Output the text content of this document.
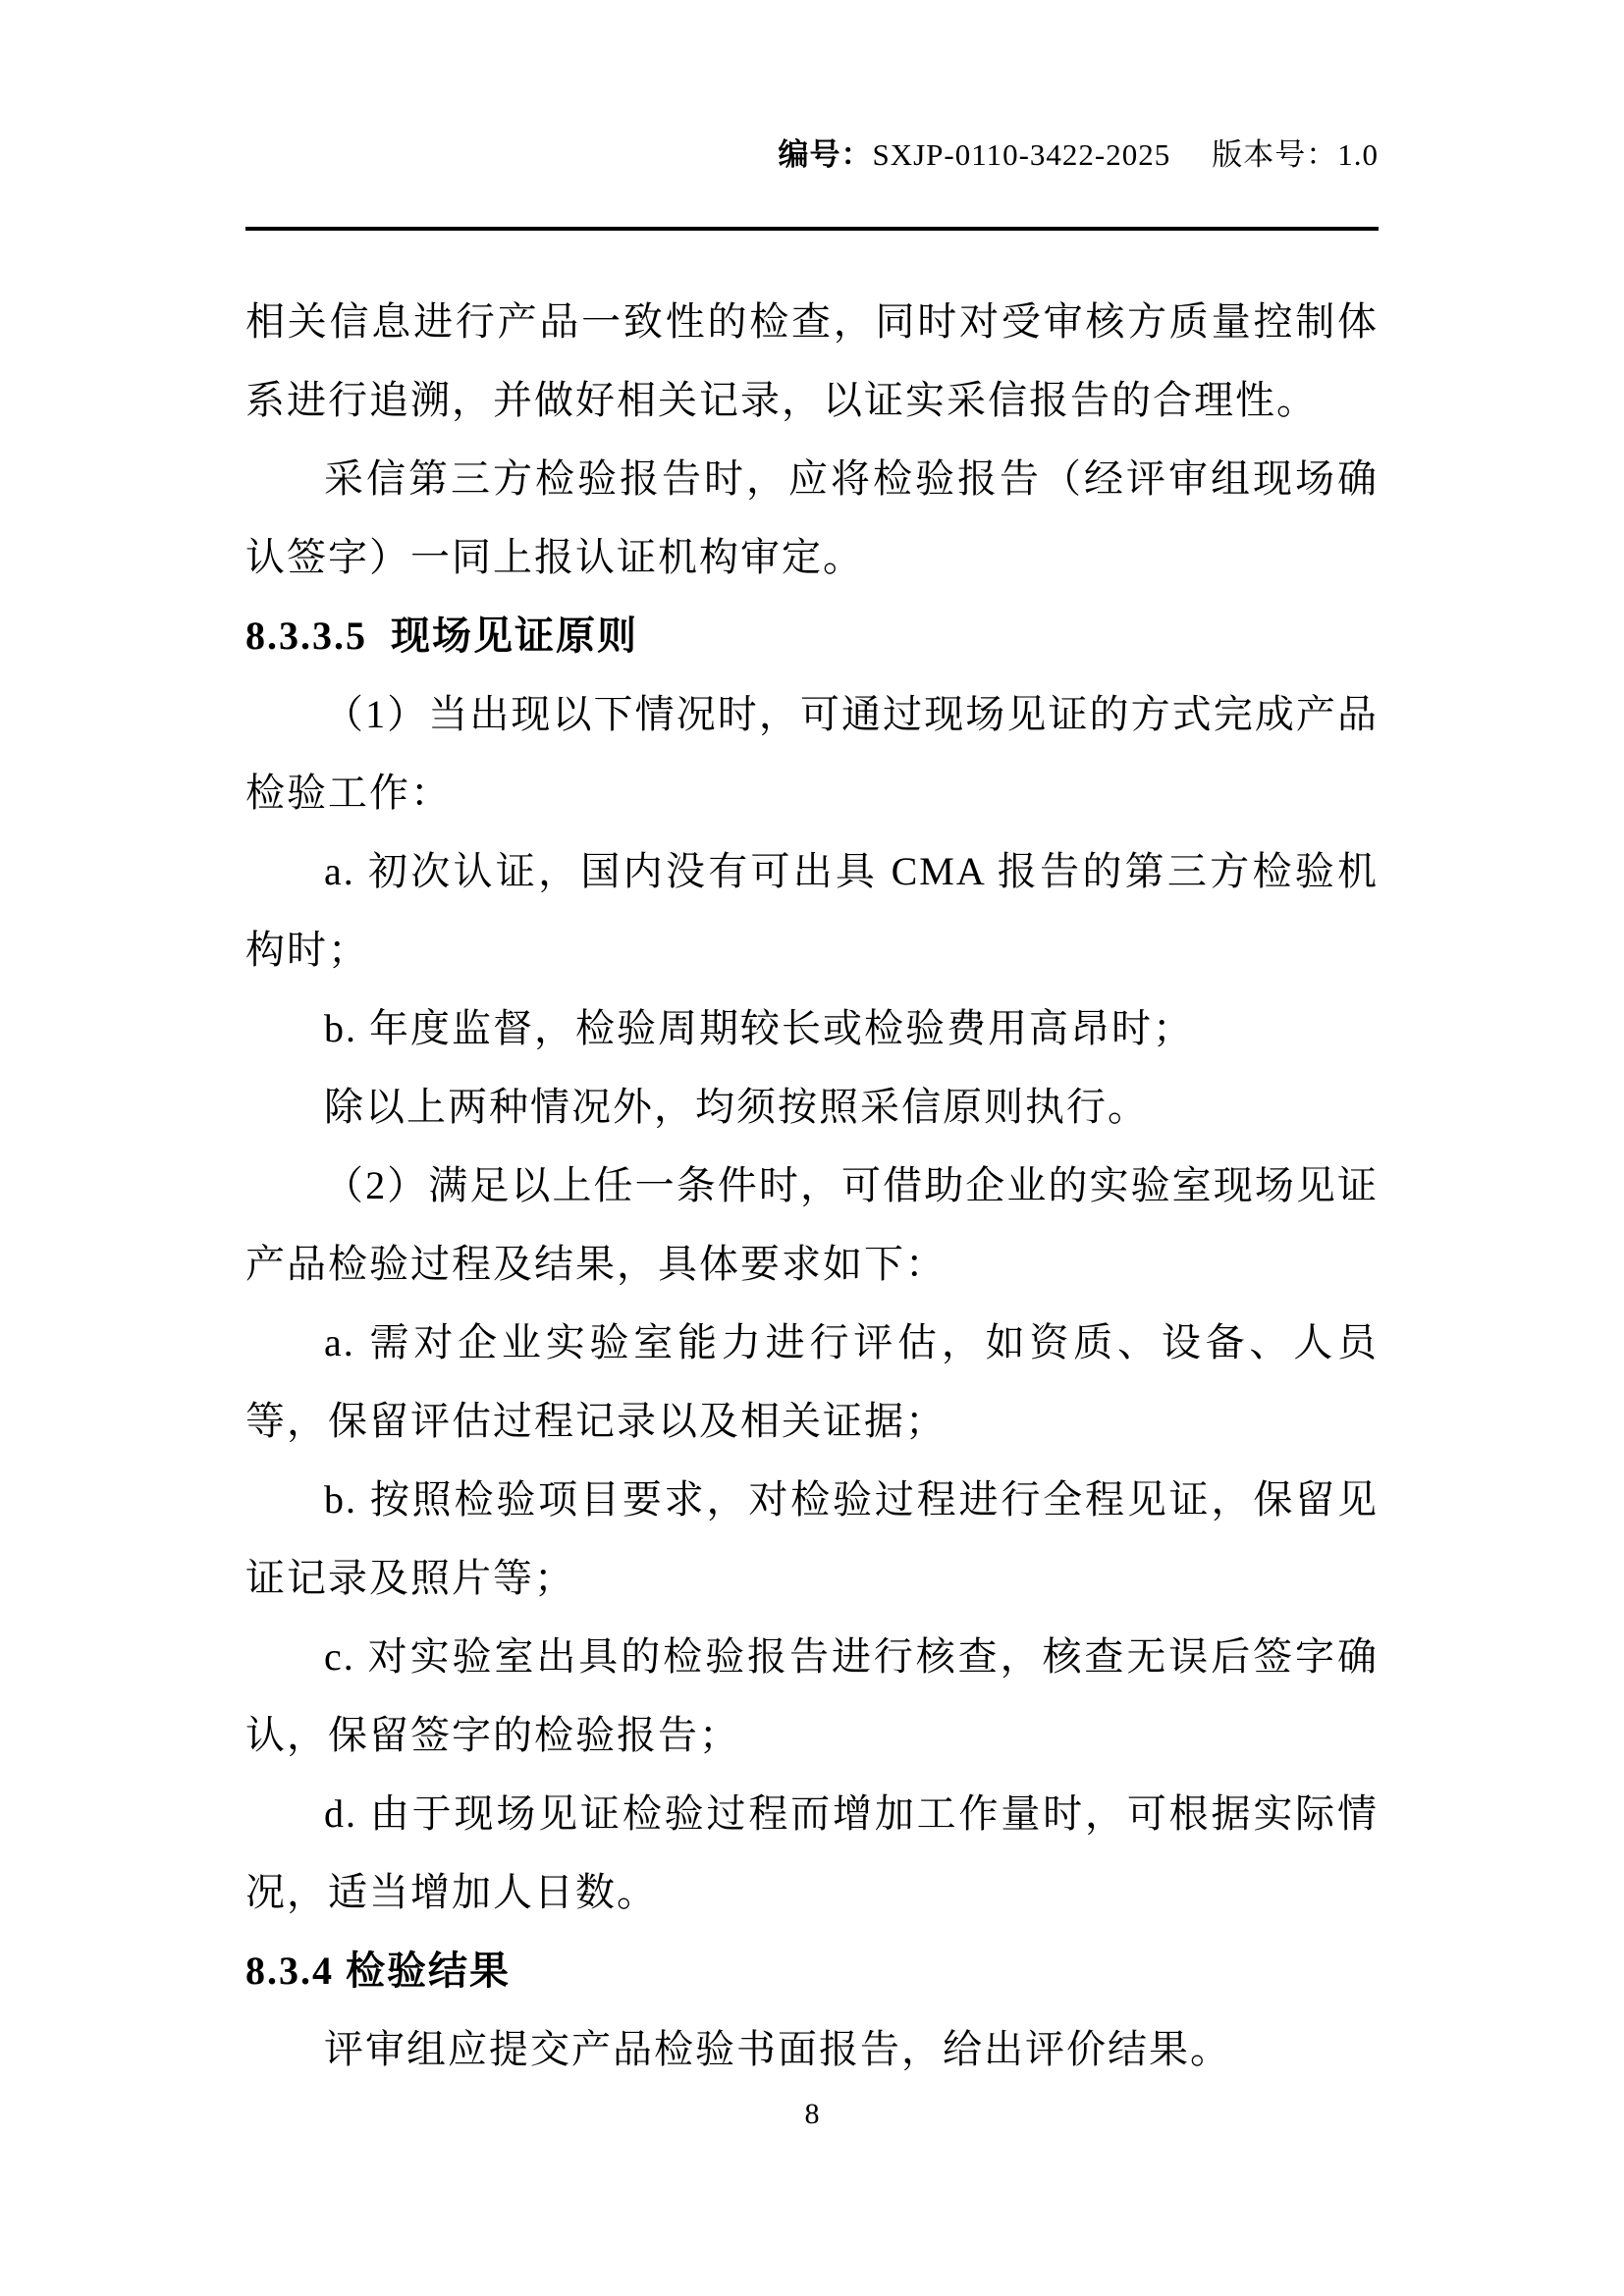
编号：SXJP-0110-3422-2025 版本号：1.0

相关信息进行产品一致性的检查，同时对受审核方质量控制体系进行追溯，并做好相关记录，以证实采信报告的合理性。

采信第三方检验报告时，应将检验报告（经评审组现场确认签字）一同上报认证机构审定。

8.3.3.5  现场见证原则

（1）当出现以下情况时，可通过现场见证的方式完成产品检验工作：

a. 初次认证，国内没有可出具 CMA 报告的第三方检验机构时；

b. 年度监督，检验周期较长或检验费用高昂时；

除以上两种情况外，均须按照采信原则执行。

（2）满足以上任一条件时，可借助企业的实验室现场见证产品检验过程及结果，具体要求如下：

a. 需对企业实验室能力进行评估，如资质、设备、人员等，保留评估过程记录以及相关证据；

b. 按照检验项目要求，对检验过程进行全程见证，保留见证记录及照片等；

c. 对实验室出具的检验报告进行核查，核查无误后签字确认，保留签字的检验报告；

d. 由于现场见证检验过程而增加工作量时，可根据实际情况，适当增加人日数。

8.3.4 检验结果

评审组应提交产品检验书面报告，给出评价结果。

8
